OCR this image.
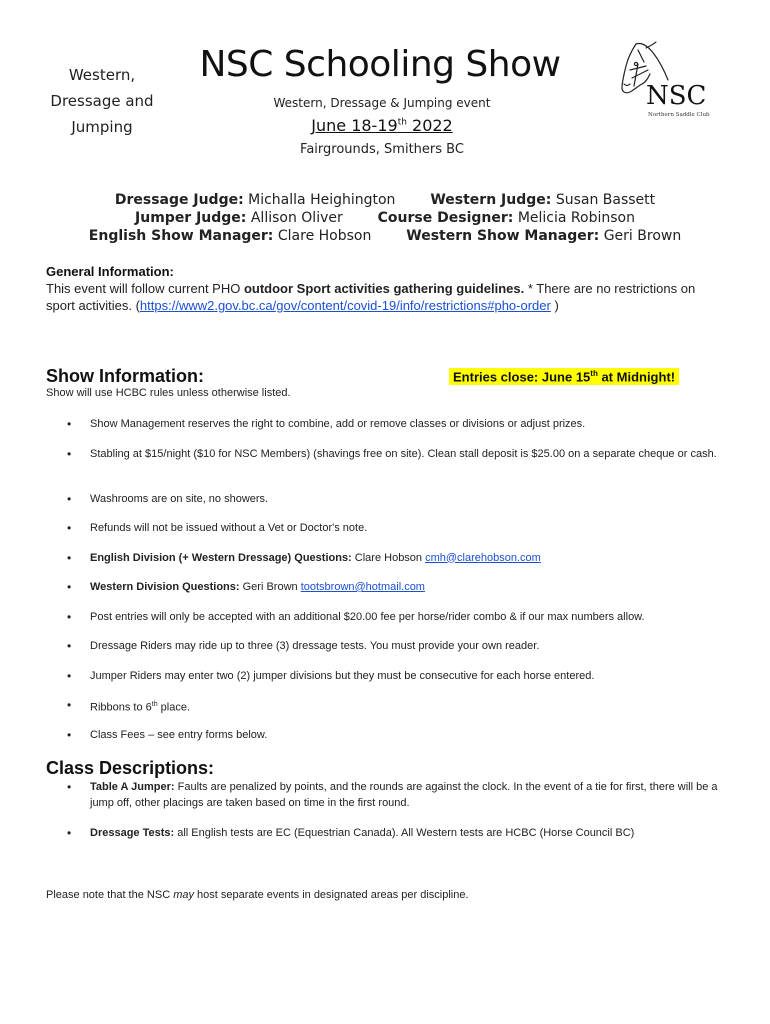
Western,
Dressage and
Jumping
NSC Schooling Show
Western, Dressage & Jumping event
June 18-19th 2022
Fairgrounds, Smithers BC
NSC
Northern Saddle Club
Dressage Judge: Michalla Heighington Western Judge: Susan Bassett
Jumper Judge: Allison Oliver Course Designer: Melicia Robinson
English Show Manager: Clare Hobson Western Show Manager: Geri Brown
General Information:
This event will follow current PHO outdoor Sport activities gathering guidelines. * There are no restrictions on sport activities. (https://www2.gov.bc.ca/gov/content/covid-19/info/restrictions#pho-order )
Show Information:	Entries close: June 15th at Midnight!
Show will use HCBC rules unless otherwise listed.
• Show Management reserves the right to combine, add or remove classes or divisions or adjust prizes.
• Stabling at $15/night ($10 for NSC Members) (shavings free on site). Clean stall deposit is $25.00 on a separate cheque or cash.
• Washrooms are on site, no showers.
• Refunds will not be issued without a Vet or Doctor's note.
• English Division (+ Western Dressage) Questions: Clare Hobson cmh@clarehobson.com
• Western Division Questions: Geri Brown tootsbrown@hotmail.com
• Post entries will only be accepted with an additional $20.00 fee per horse/rider combo & if our max numbers allow.
• Dressage Riders may ride up to three (3) dressage tests. You must provide your own reader.
• Jumper Riders may enter two (2) jumper divisions but they must be consecutive for each horse entered.
• Ribbons to 6th place.
• Class Fees – see entry forms below.
Class Descriptions:
• Table A Jumper: Faults are penalized by points, and the rounds are against the clock. In the event of a tie for first, there will be a jump off, other placings are taken based on time in the first round.
• Dressage Tests: all English tests are EC (Equestrian Canada). All Western tests are HCBC (Horse Council BC)
Please note that the NSC may host separate events in designated areas per discipline.
